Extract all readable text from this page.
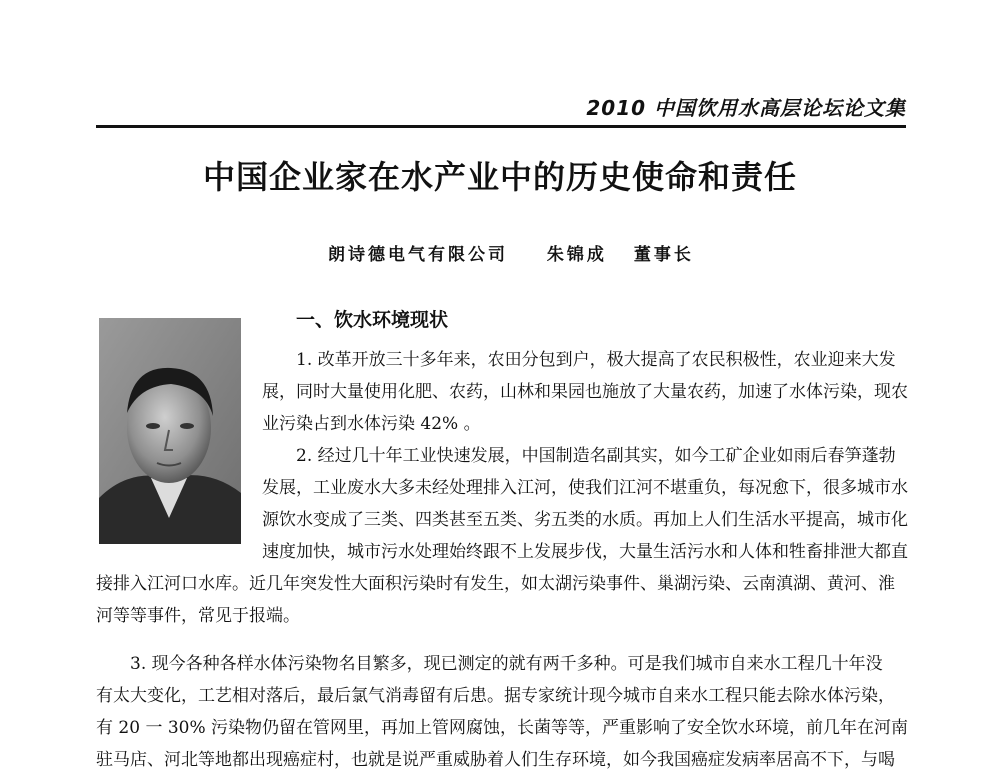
2010 中国饮用水高层论坛论文集
中国企业家在水产业中的历史使命和责任
朗诗德电气有限公司 朱锦成 董事长
一、饮水环境现状

1. 改革开放三十多年来，农田分包到户，极大提高了农民积极性，农业迎来大发
展，同时大量使用化肥、农药，山林和果园也施放了大量农药，加速了水体污染，现农
业污染占到水体污染 42% 。

2. 经过几十年工业快速发展，中国制造名副其实，如今工矿企业如雨后春笋蓬勃
发展，工业废水大多未经处理排入江河，使我们江河不堪重负，每况愈下，很多城市水
源饮水变成了三类、四类甚至五类、劣五类的水质。再加上人们生活水平提高，城市化
速度加快，城市污水处理始终跟不上发展步伐，大量生活污水和人体和牲畜排泄大都直

接排入江河口水库。近几年突发性大面积污染时有发生，如太湖污染事件、巢湖污染、云南滇湖、黄河、淮
河等等事件，常见于报端。

3. 现今各种各样水体污染物名目繁多，现已测定的就有两千多种。可是我们城市自来水工程几十年没
有太大变化，工艺相对落后，最后氯气消毒留有后患。据专家统计现今城市自来水工程只能去除水体污染，
有 20 一 30% 污染物仍留在管网里，再加上管网腐蚀，长菌等等，严重影响了安全饮水环境，前几年在河南
驻马店、河北等地都出现癌症村，也就是说严重威胁着人们生存环境，如今我国癌症发病率居高不下，与喝
